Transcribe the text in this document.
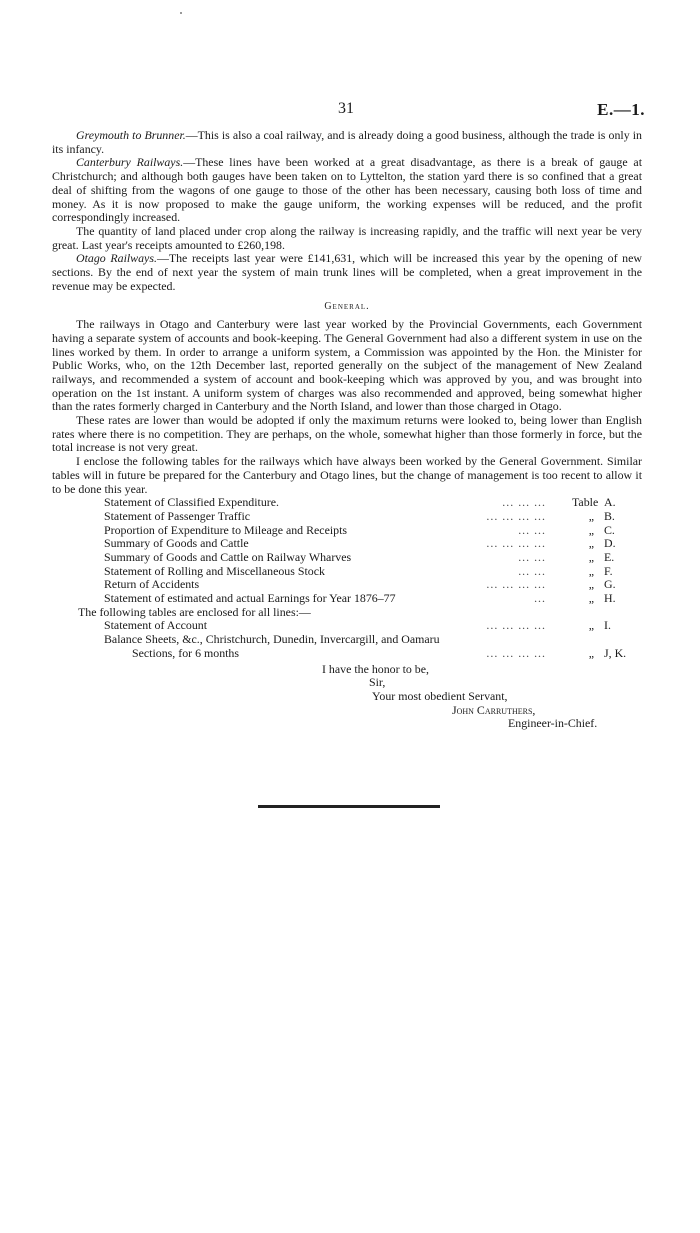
31	E.—1.

Greymouth to Brunner.—This is also a coal railway, and is already doing a good business, although the trade is only in its infancy.

Canterbury Railways.—These lines have been worked at a great disadvantage, as there is a break of gauge at Christchurch; and although both gauges have been taken on to Lyttelton, the station yard there is so confined that a great deal of shifting from the wagons of one gauge to those of the other has been necessary, causing both loss of time and money. As it is now proposed to make the gauge uniform, the working expenses will be reduced, and the profit correspondingly increased.

The quantity of land placed under crop along the railway is increasing rapidly, and the traffic will next year be very great. Last year's receipts amounted to £260,198.

Otago Railways.—The receipts last year were £141,631, which will be increased this year by the opening of new sections. By the end of next year the system of main trunk lines will be completed, when a great improvement in the revenue may be expected.

General.

The railways in Otago and Canterbury were last year worked by the Provincial Governments, each Government having a separate system of accounts and book-keeping. The General Government had also a different system in use on the lines worked by them. In order to arrange a uniform system, a Commission was appointed by the Hon. the Minister for Public Works, who, on the 12th December last, reported generally on the subject of the management of New Zealand railways, and recommended a system of account and book-keeping which was approved by you, and was brought into operation on the 1st instant. A uniform system of charges was also recommended and approved, being somewhat higher than the rates formerly charged in Canterbury and the North Island, and lower than those charged in Otago.

These rates are lower than would be adopted if only the maximum returns were looked to, being lower than English rates where there is no competition. They are perhaps, on the whole, somewhat higher than those formerly in force, but the total increase is not very great.

I enclose the following tables for the railways which have always been worked by the General Government. Similar tables will in future be prepared for the Canterbury and Otago lines, but the change of management is too recent to allow it to be done this year.

Statement of Classified Expenditure.	... ... ...	Table A.
Statement of Passenger Traffic	... ... ... ...	„ B.
Proportion of Expenditure to Mileage and Receipts	... ...	„ C.
Summary of Goods and Cattle	... ... ... ...	„ D.
Summary of Goods and Cattle on Railway Wharves	... ...	„ E.
Statement of Rolling and Miscellaneous Stock	... ...	„ F.
Return of Accidents	... ... ... ...	„ G.
Statement of estimated and actual Earnings for Year 1876–77	...	„ H.

The following tables are enclosed for all lines:—

Statement of Account	... ... ... ...	„ I.
Balance Sheets, &c., Christchurch, Dunedin, Invercargill, and Oamaru
Sections, for 6 months	... ... ... ...	„ J, K.
I have the honor to be,
Sir,
Your most obedient Servant,
John Carruthers,
Engineer-in-Chief.
